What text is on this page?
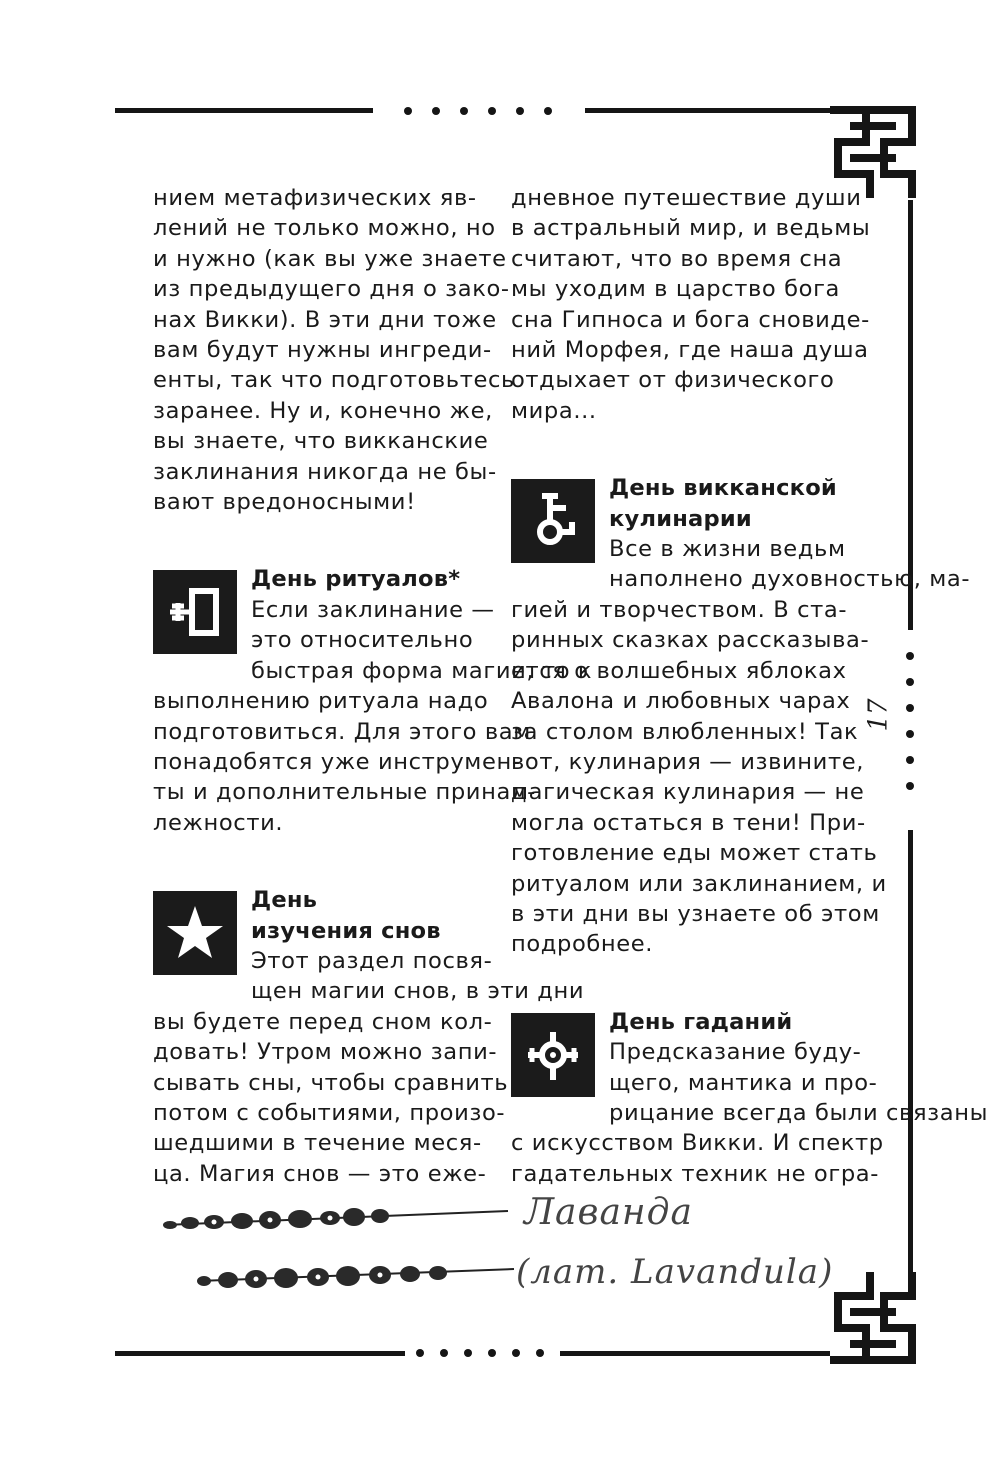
17

нием метафизических яв-

лений не только можно, но

и нужно (как вы уже знаете

из предыдущего дня о зако-

нах Викки). В эти дни тоже

вам будут нужны ингреди-

енты, так что подготовьтесь

заранее. Ну и, конечно же,

вы знаете, что викканские

заклинания никогда не бы-

вают вредоносными!

День ритуалов*

Если заклинание —

это относительно

быстрая форма магии, то к

выполнению ритуала надо

подготовиться. Для этого вам

понадобятся уже инструмен-

ты и дополнительные принад-

лежности.

День

изучения снов

Этот раздел посвя-

щен магии снов, в эти дни

вы будете перед сном кол-

довать! Утром можно запи-

сывать сны, чтобы сравнить

потом с событиями, произо-

шедшими в течение меся-

ца. Магия снов — это еже-

дневное путешествие души

в астральный мир, и ведьмы

считают, что во время сна

мы уходим в царство бога

сна Гипноса и бога сновиде-

ний Морфея, где наша душа

отдыхает от физического

мира...

День викканской

кулинарии

Все в жизни ведьм

наполнено духовностью, ма-

гией и творчеством. В ста-

ринных сказках рассказыва-

ется о волшебных яблоках

Авалона и любовных чарах

за столом влюбленных! Так

вот, кулинария — извините,

магическая кулинария — не

могла остаться в тени! При-

готовление еды может стать

ритуалом или заклинанием, и

в эти дни вы узнаете об этом

подробнее.

День гаданий

Предсказание буду-

щего, мантика и про-

рицание всегда были связаны

с искусством Викки. И спектр

гадательных техник не огра-

Лаванда
(лат. Lavandula)
